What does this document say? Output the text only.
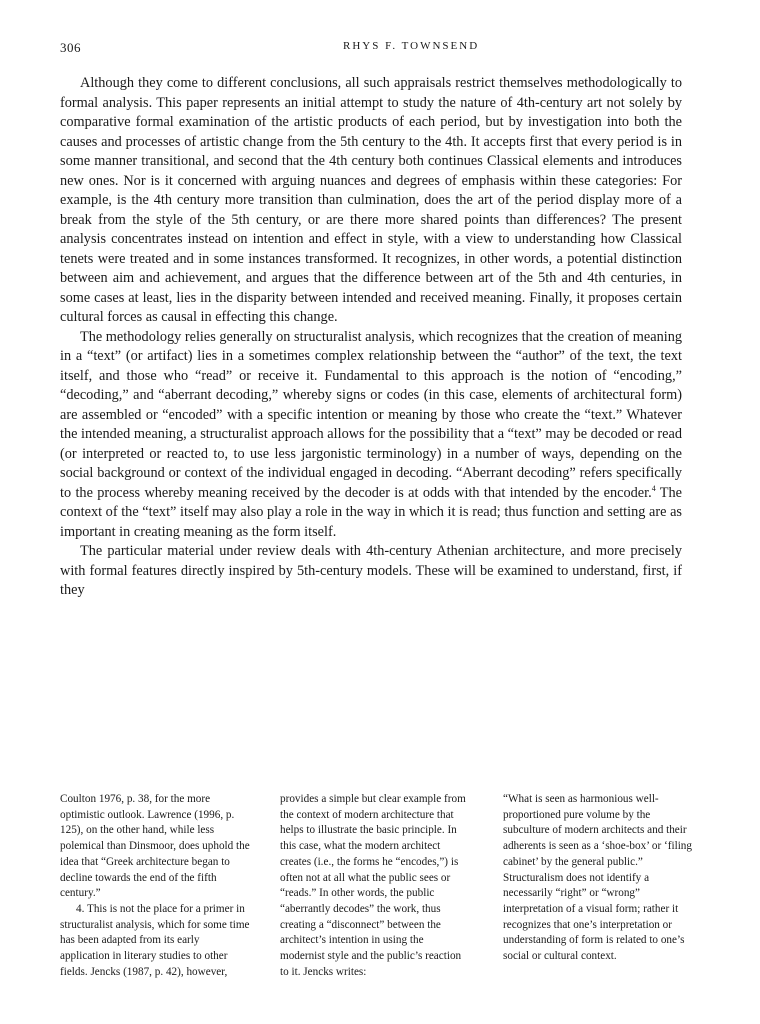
306	RHYS F. TOWNSEND

Although they come to different conclusions, all such appraisals restrict themselves methodologically to formal analysis. This paper represents an initial attempt to study the nature of 4th-century art not solely by comparative formal examination of the artistic products of each period, but by investigation into both the causes and processes of artistic change from the 5th century to the 4th. It accepts first that every period is in some manner transitional, and second that the 4th century both continues Classical elements and introduces new ones. Nor is it concerned with arguing nuances and degrees of emphasis within these categories: For example, is the 4th century more transition than culmination, does the art of the period display more of a break from the style of the 5th century, or are there more shared points than differences? The present analysis concentrates instead on intention and effect in style, with a view to understanding how Classical tenets were treated and in some instances transformed. It recognizes, in other words, a potential distinction between aim and achievement, and argues that the difference between art of the 5th and 4th centuries, in some cases at least, lies in the disparity between intended and received meaning. Finally, it proposes certain cultural forces as causal in effecting this change.

The methodology relies generally on structuralist analysis, which recognizes that the creation of meaning in a “text” (or artifact) lies in a sometimes complex relationship between the “author” of the text, the text itself, and those who “read” or receive it. Fundamental to this approach is the notion of “encoding,” “decoding,” and “aberrant decoding,” whereby signs or codes (in this case, elements of architectural form) are assembled or “encoded” with a specific intention or meaning by those who create the “text.” Whatever the intended meaning, a structuralist approach allows for the possibility that a “text” may be decoded or read (or interpreted or reacted to, to use less jargonistic terminology) in a number of ways, depending on the social background or context of the individual engaged in decoding. “Aberrant decoding” refers specifically to the process whereby meaning received by the decoder is at odds with that intended by the encoder.$^4$ The context of the “text” itself may also play a role in the way in which it is read; thus function and setting are as important in creating meaning as the form itself.

The particular material under review deals with 4th-century Athenian architecture, and more precisely with formal features directly inspired by 5th-century models. These will be examined to understand, first, if they

Coulton 1976, p. 38, for the more optimistic outlook. Lawrence (1996, p. 125), on the other hand, while less polemical than Dinsmoor, does uphold the idea that “Greek architecture began to decline towards the end of the fifth century.”

4. This is not the place for a primer in structuralist analysis, which for some time has been adapted from its early application in literary studies to other fields. Jencks (1987, p. 42), however,

provides a simple but clear example from the context of modern architecture that helps to illustrate the basic principle. In this case, what the modern architect creates (i.e., the forms he “encodes,”) is often not at all what the public sees or “reads.” In other words, the public “aberrantly decodes” the work, thus creating a “disconnect” between the architect’s intention in using the modernist style and the public’s reaction to it. Jencks writes:

“What is seen as harmonious well-proportioned pure volume by the subculture of modern architects and their adherents is seen as a ‘shoe-box’ or ‘filing cabinet’ by the general public.” Structuralism does not identify a necessarily “right” or “wrong” interpretation of a visual form; rather it recognizes that one’s interpretation or understanding of form is related to one’s social or cultural context.
